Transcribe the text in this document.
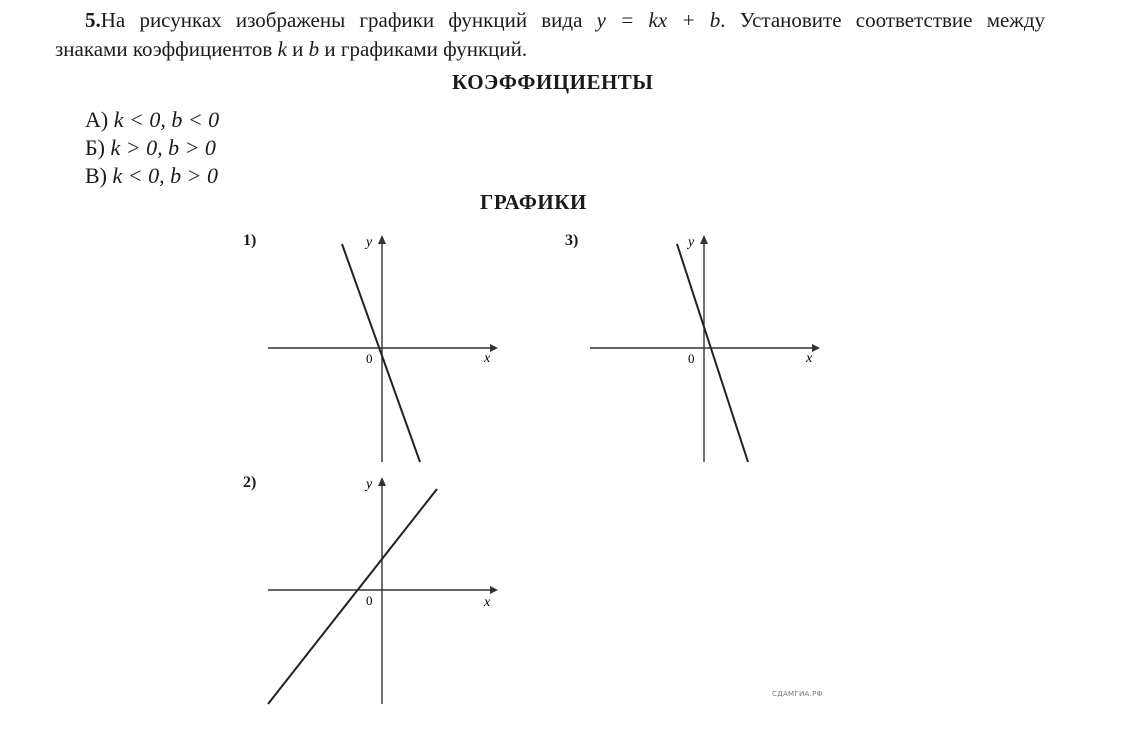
5.На рисунках изображены графики функций вида y = kx + b. Установите соответствие между
знаками коэффициентов k и b и графиками функций.
КОЭФФИЦИЕНТЫ
А) k < 0, b < 0
Б) k > 0, b > 0
В) k < 0, b > 0
ГРАФИКИ
1)
x
y
0
3)
x
y
0
2)
x
y
0
СДАМГИА.РФ
